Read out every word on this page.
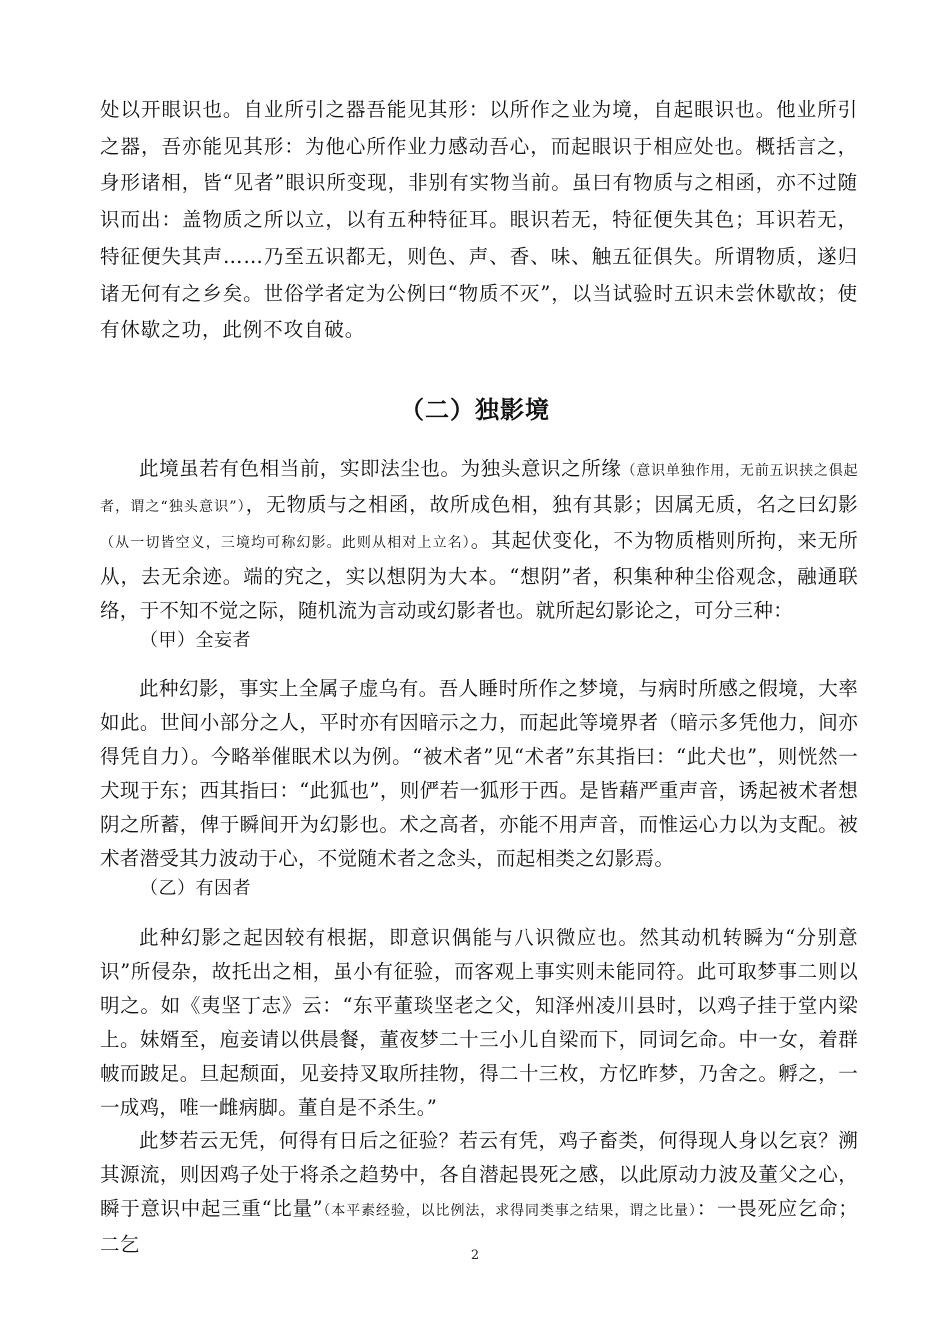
处以开眼识也。自业所引之器吾能见其形：以所作之业为境，自起眼识也。他业所引之器，吾亦能见其形：为他心所作业力感动吾心，而起眼识于相应处也。概括言之，身形诸相，皆“见者”眼识所变现，非别有实物当前。虽曰有物质与之相函，亦不过随识而出：盖物质之所以立，以有五种特征耳。眼识若无，特征便失其色；耳识若无，特征便失其声……乃至五识都无，则色、声、香、味、触五征俱失。所谓物质，遂归诸无何有之乡矣。世俗学者定为公例曰“物质不灭”，以当试验时五识未尝休歇故；使有休歇之功，此例不攻自破。

（二）独影境

此境虽若有色相当前，实即法尘也。为独头意识之所缘（意识单独作用，无前五识挟之俱起者，谓之“独头意识”），无物质与之相函，故所成色相，独有其影；因属无质，名之曰幻影（从一切皆空义，三境均可称幻影。此则从相对上立名）。其起伏变化，不为物质楷则所拘，来无所从，去无余迹。端的究之，实以想阴为大本。“想阴”者，积集种种尘俗观念，融通联络，于不知不觉之际，随机流为言动或幻影者也。就所起幻影论之，可分三种：

（甲）全妄者

此种幻影，事实上全属子虚乌有。吾人睡时所作之梦境，与病时所感之假境，大率如此。世间小部分之人，平时亦有因暗示之力，而起此等境界者（暗示多凭他力，间亦得凭自力）。今略举催眠术以为例。“被术者”见“术者”东其指曰：“此犬也”，则恍然一犬现于东；西其指曰：“此狐也”，则俨若一狐形于西。是皆藉严重声音，诱起被术者想阴之所蓄，俾于瞬间开为幻影也。术之高者，亦能不用声音，而惟运心力以为支配。被术者潜受其力波动于心，不觉随术者之念头，而起相类之幻影焉。

（乙）有因者

此种幻影之起因较有根据，即意识偶能与八识微应也。然其动机转瞬为“分别意识”所侵杂，故托出之相，虽小有征验，而客观上事实则未能同符。此可取梦事二则以明之。如《夷坚丁志》云：“东平董琰坚老之父，知泽州凌川县时，以鸡子挂于堂内梁上。妹婿至，庖妾请以供晨餐，董夜梦二十三小儿自梁而下，同词乞命。中一女，着群帔而跛足。旦起颓面，见妾持叉取所挂物，得二十三枚，方忆昨梦，乃舍之。孵之，一一成鸡，唯一雌病脚。董自是不杀生。”

此梦若云无凭，何得有日后之征验？若云有凭，鸡子畜类，何得现人身以乞哀？溯其源流，则因鸡子处于将杀之趋势中，各自潜起畏死之感，以此原动力波及董父之心，瞬于意识中起三重“比量”（本平素经验，以比例法，求得同类事之结果，谓之比量）：一畏死应乞命；二乞	2
